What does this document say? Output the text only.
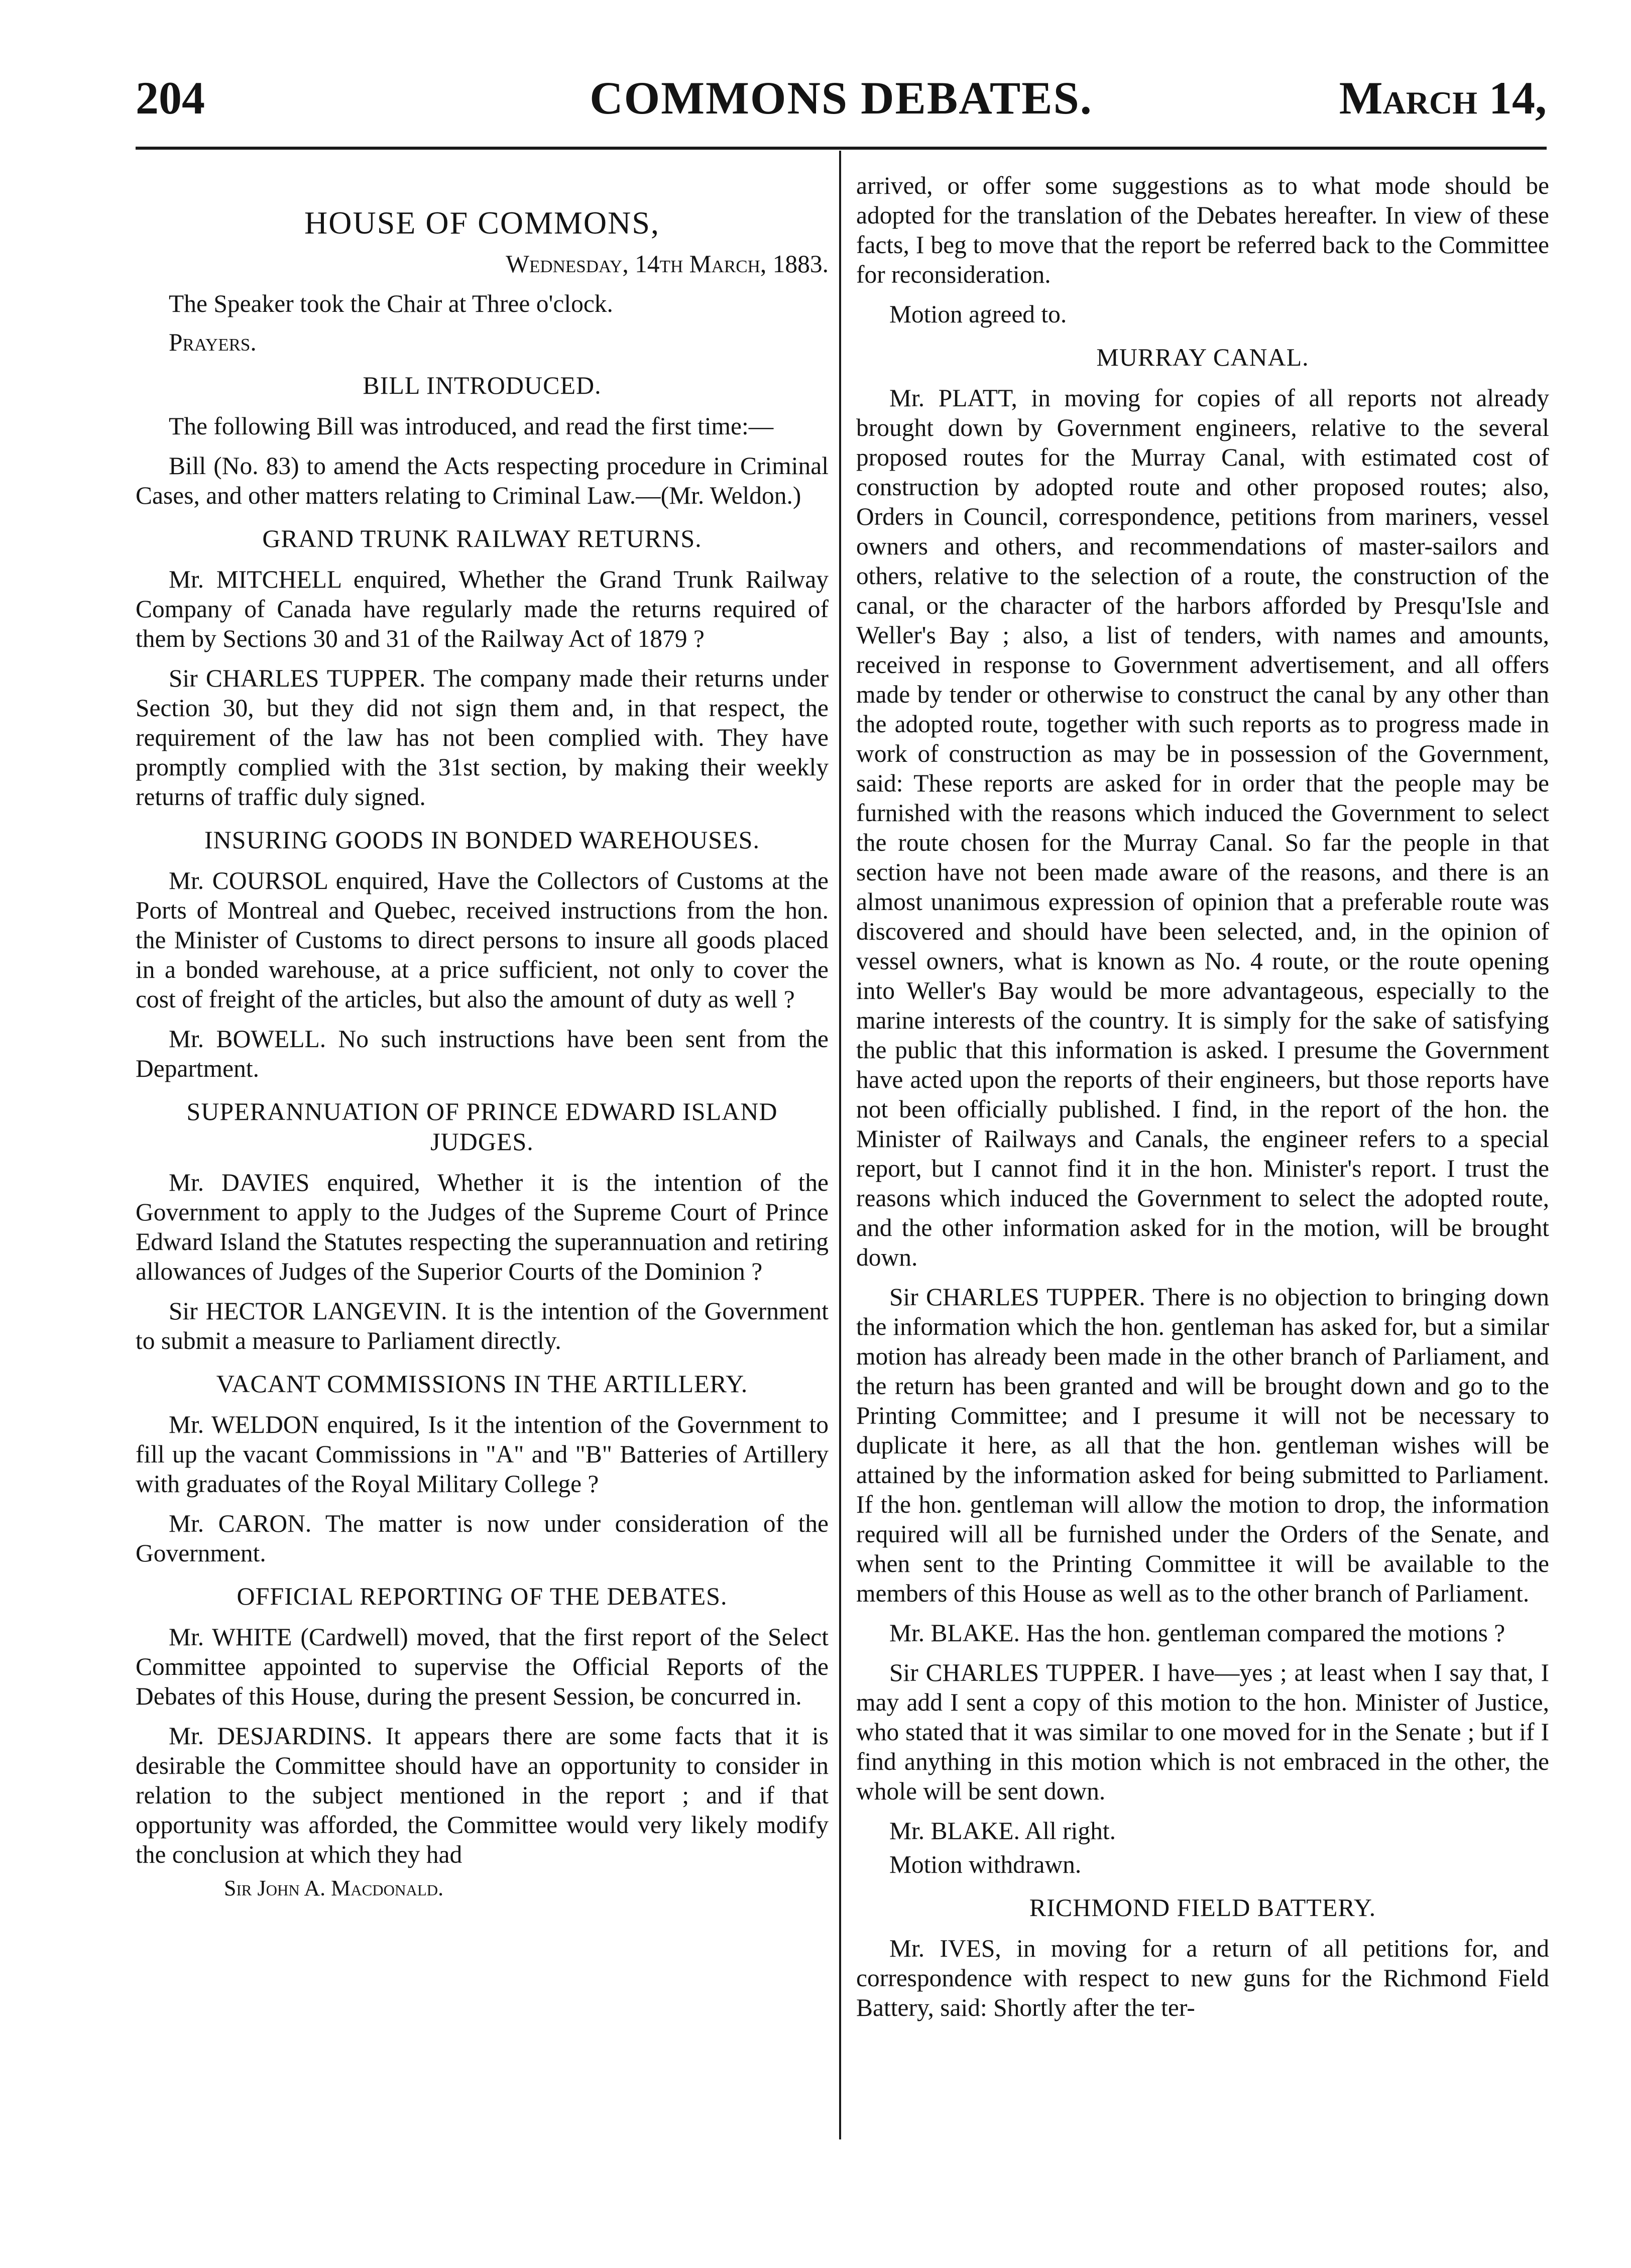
204	COMMONS DEBATES.	March 14,
HOUSE OF COMMONS,

Wednesday, 14th March, 1883.

The Speaker took the Chair at Three o'clock.

Prayers.

BILL INTRODUCED.

The following Bill was introduced, and read the first time:—

Bill (No. 83) to amend the Acts respecting procedure in Criminal Cases, and other matters relating to Criminal Law.—(Mr. Weldon.)

GRAND TRUNK RAILWAY RETURNS.

Mr. MITCHELL enquired, Whether the Grand Trunk Railway Company of Canada have regularly made the returns required of them by Sections 30 and 31 of the Railway Act of 1879 ?

Sir CHARLES TUPPER. The company made their returns under Section 30, but they did not sign them and, in that respect, the requirement of the law has not been complied with. They have promptly complied with the 31st section, by making their weekly returns of traffic duly signed.

INSURING GOODS IN BONDED WAREHOUSES.

Mr. COURSOL enquired, Have the Collectors of Customs at the Ports of Montreal and Quebec, received instructions from the hon. the Minister of Customs to direct persons to insure all goods placed in a bonded warehouse, at a price sufficient, not only to cover the cost of freight of the articles, but also the amount of duty as well ?

Mr. BOWELL. No such instructions have been sent from the Department.

SUPERANNUATION OF PRINCE EDWARD ISLAND JUDGES.

Mr. DAVIES enquired, Whether it is the intention of the Government to apply to the Judges of the Supreme Court of Prince Edward Island the Statutes respecting the superannuation and retiring allowances of Judges of the Superior Courts of the Dominion ?

Sir HECTOR LANGEVIN. It is the intention of the Government to submit a measure to Parliament directly.

VACANT COMMISSIONS IN THE ARTILLERY.

Mr. WELDON enquired, Is it the intention of the Government to fill up the vacant Commissions in "A" and "B" Batteries of Artillery with graduates of the Royal Military College ?

Mr. CARON. The matter is now under consideration of the Government.

OFFICIAL REPORTING OF THE DEBATES.

Mr. WHITE (Cardwell) moved, that the first report of the Select Committee appointed to supervise the Official Reports of the Debates of this House, during the present Session, be concurred in.

Mr. DESJARDINS. It appears there are some facts that it is desirable the Committee should have an opportunity to consider in relation to the subject mentioned in the report ; and if that opportunity was afforded, the Committee would very likely modify the conclusion at which they had

Sir John A. Macdonald.

arrived, or offer some suggestions as to what mode should be adopted for the translation of the Debates hereafter. In view of these facts, I beg to move that the report be referred back to the Committee for reconsideration.

Motion agreed to.

MURRAY CANAL.

Mr. PLATT, in moving for copies of all reports not already brought down by Government engineers, relative to the several proposed routes for the Murray Canal, with estimated cost of construction by adopted route and other proposed routes; also, Orders in Council, correspondence, petitions from mariners, vessel owners and others, and recommendations of master-sailors and others, relative to the selection of a route, the construction of the canal, or the character of the harbors afforded by Presqu'Isle and Weller's Bay ; also, a list of tenders, with names and amounts, received in response to Government advertisement, and all offers made by tender or otherwise to construct the canal by any other than the adopted route, together with such reports as to progress made in work of construction as may be in possession of the Government, said: These reports are asked for in order that the people may be furnished with the reasons which induced the Government to select the route chosen for the Murray Canal. So far the people in that section have not been made aware of the reasons, and there is an almost unanimous expression of opinion that a preferable route was discovered and should have been selected, and, in the opinion of vessel owners, what is known as No. 4 route, or the route opening into Weller's Bay would be more advantageous, especially to the marine interests of the country. It is simply for the sake of satisfying the public that this information is asked. I presume the Government have acted upon the reports of their engineers, but those reports have not been officially published. I find, in the report of the hon. the Minister of Railways and Canals, the engineer refers to a special report, but I cannot find it in the hon. Minister's report. I trust the reasons which induced the Government to select the adopted route, and the other information asked for in the motion, will be brought down.

Sir CHARLES TUPPER. There is no objection to bringing down the information which the hon. gentleman has asked for, but a similar motion has already been made in the other branch of Parliament, and the return has been granted and will be brought down and go to the Printing Committee; and I presume it will not be necessary to duplicate it here, as all that the hon. gentleman wishes will be attained by the information asked for being submitted to Parliament. If the hon. gentleman will allow the motion to drop, the information required will all be furnished under the Orders of the Senate, and when sent to the Printing Committee it will be available to the members of this House as well as to the other branch of Parliament.

Mr. BLAKE. Has the hon. gentleman compared the motions ?

Sir CHARLES TUPPER. I have—yes ; at least when I say that, I may add I sent a copy of this motion to the hon. Minister of Justice, who stated that it was similar to one moved for in the Senate ; but if I find anything in this motion which is not embraced in the other, the whole will be sent down.

Mr. BLAKE. All right.

Motion withdrawn.

RICHMOND FIELD BATTERY.

Mr. IVES, in moving for a return of all petitions for, and correspondence with respect to new guns for the Richmond Field Battery, said: Shortly after the ter-
